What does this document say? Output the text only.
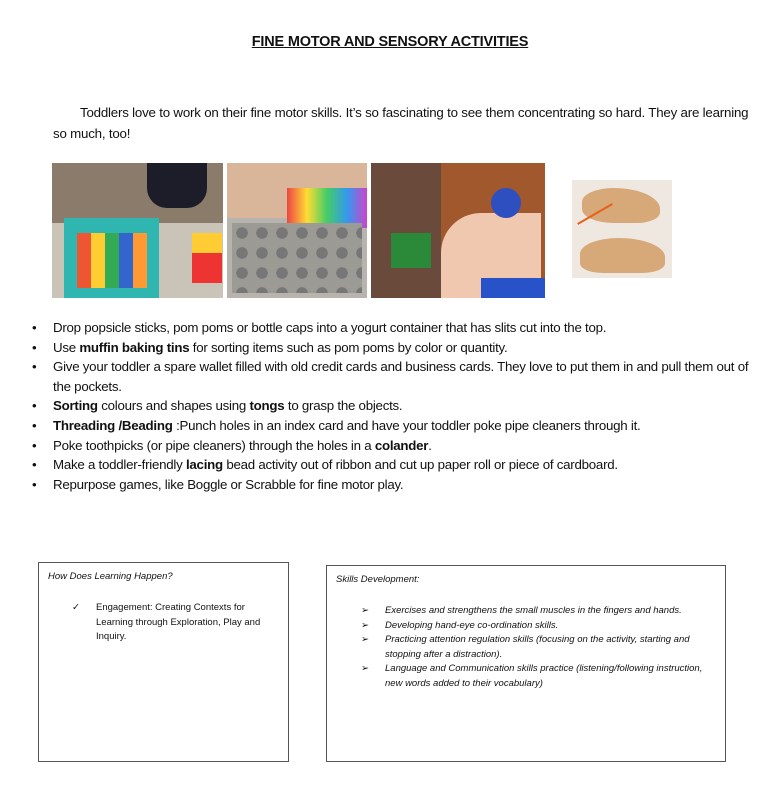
FINE MOTOR AND SENSORY ACTIVITIES
Toddlers love to work on their fine motor skills. It’s so fascinating to see them concentrating so hard. They are learning so much, too!
• Drop popsicle sticks, pom poms or bottle caps into a yogurt container that has slits cut into the top.
• Use muffin baking tins for sorting items such as pom poms by color or quantity.
• Give your toddler a spare wallet filled with old credit cards and business cards. They love to put them in and pull them out of the pockets.
• Sorting colours and shapes using tongs to grasp the objects.
• Threading /Beading :Punch holes in an index card and have your toddler poke pipe cleaners through it.
• Poke toothpicks (or pipe cleaners) through the holes in a colander.
• Make a toddler-friendly lacing bead activity out of ribbon and cut up paper roll or piece of cardboard.
• Repurpose games, like Boggle or Scrabble for fine motor play.
How Does Learning Happen?
✓ Engagement: Creating Contexts for Learning through Exploration, Play and Inquiry.
Skills Development:
➢ Exercises and strengthens the small muscles in the fingers and hands.
➢ Developing hand-eye co-ordination skills.
➢ Practicing attention regulation skills (focusing on the activity, starting and stopping after a distraction).
➢ Language and Communication skills practice (listening/following instruction, new words added to their vocabulary)
